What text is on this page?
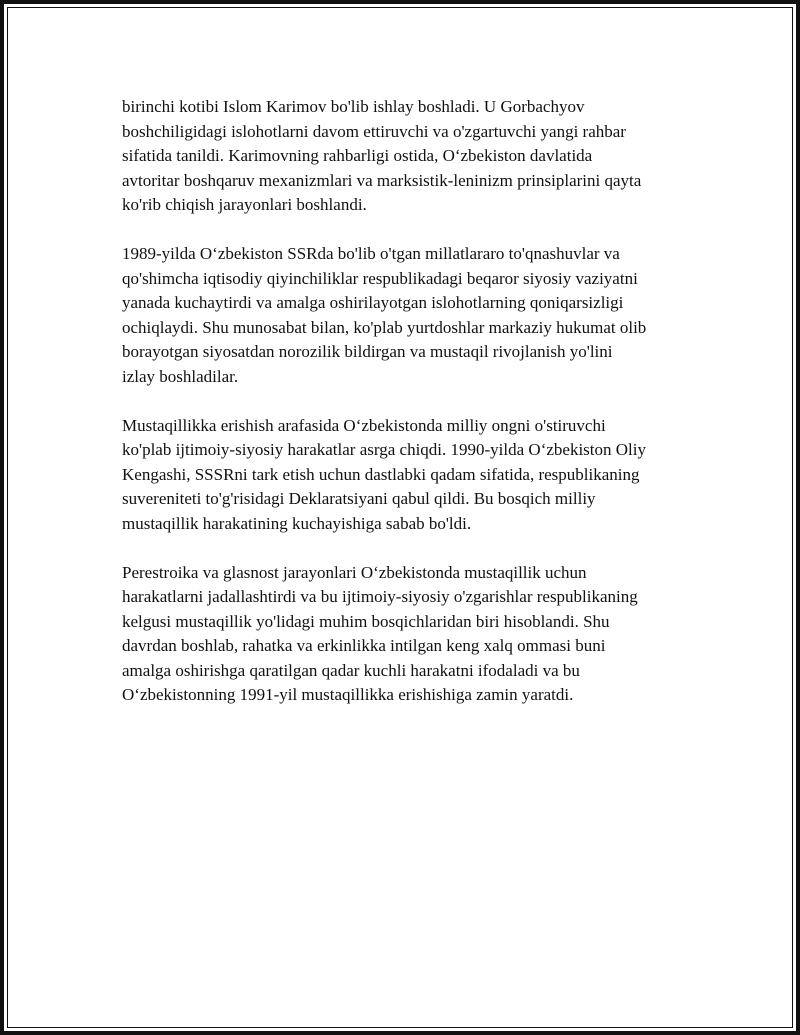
birinchi kotibi Islom Karimov bo'lib ishlay boshladi. U Gorbachyov
boshchiligidagi islohotlarni davom ettiruvchi va o'zgartuvchi yangi rahbar
sifatida tanildi. Karimovning rahbarligi ostida, O‘zbekiston davlatida
avtoritar boshqaruv mexanizmlari va marksistik-leninizm prinsiplarini qayta
ko'rib chiqish jarayonlari boshlandi.

1989-yilda O‘zbekiston SSRda bo'lib o'tgan millatlararo to'qnashuvlar va
qo'shimcha iqtisodiy qiyinchiliklar respublikadagi beqaror siyosiy vaziyatni
yanada kuchaytirdi va amalga oshirilayotgan islohotlarning qoniqarsizligi
ochiqlaydi. Shu munosabat bilan, ko'plab yurtdoshlar markaziy hukumat olib
borayotgan siyosatdan norozilik bildirgan va mustaqil rivojlanish yo'lini
izlay boshladilar.

Mustaqillikka erishish arafasida O‘zbekistonda milliy ongni o'stiruvchi
ko'plab ijtimoiy-siyosiy harakatlar asrga chiqdi. 1990-yilda O‘zbekiston Oliy
Kengashi, SSSRni tark etish uchun dastlabki qadam sifatida, respublikaning
suvereniteti to'g'risidagi Deklaratsiyani qabul qildi. Bu bosqich milliy
mustaqillik harakatining kuchayishiga sabab bo'ldi.

Perestroika va glasnost jarayonlari O‘zbekistonda mustaqillik uchun
harakatlarni jadallashtirdi va bu ijtimoiy-siyosiy o'zgarishlar respublikaning
kelgusi mustaqillik yo'lidagi muhim bosqichlaridan biri hisoblandi. Shu
davrdan boshlab, rahatka va erkinlikka intilgan keng xalq ommasi buni
amalga oshirishga qaratilgan qadar kuchli harakatni ifodaladi va bu
O‘zbekistonning 1991-yil mustaqillikka erishishiga zamin yaratdi.
